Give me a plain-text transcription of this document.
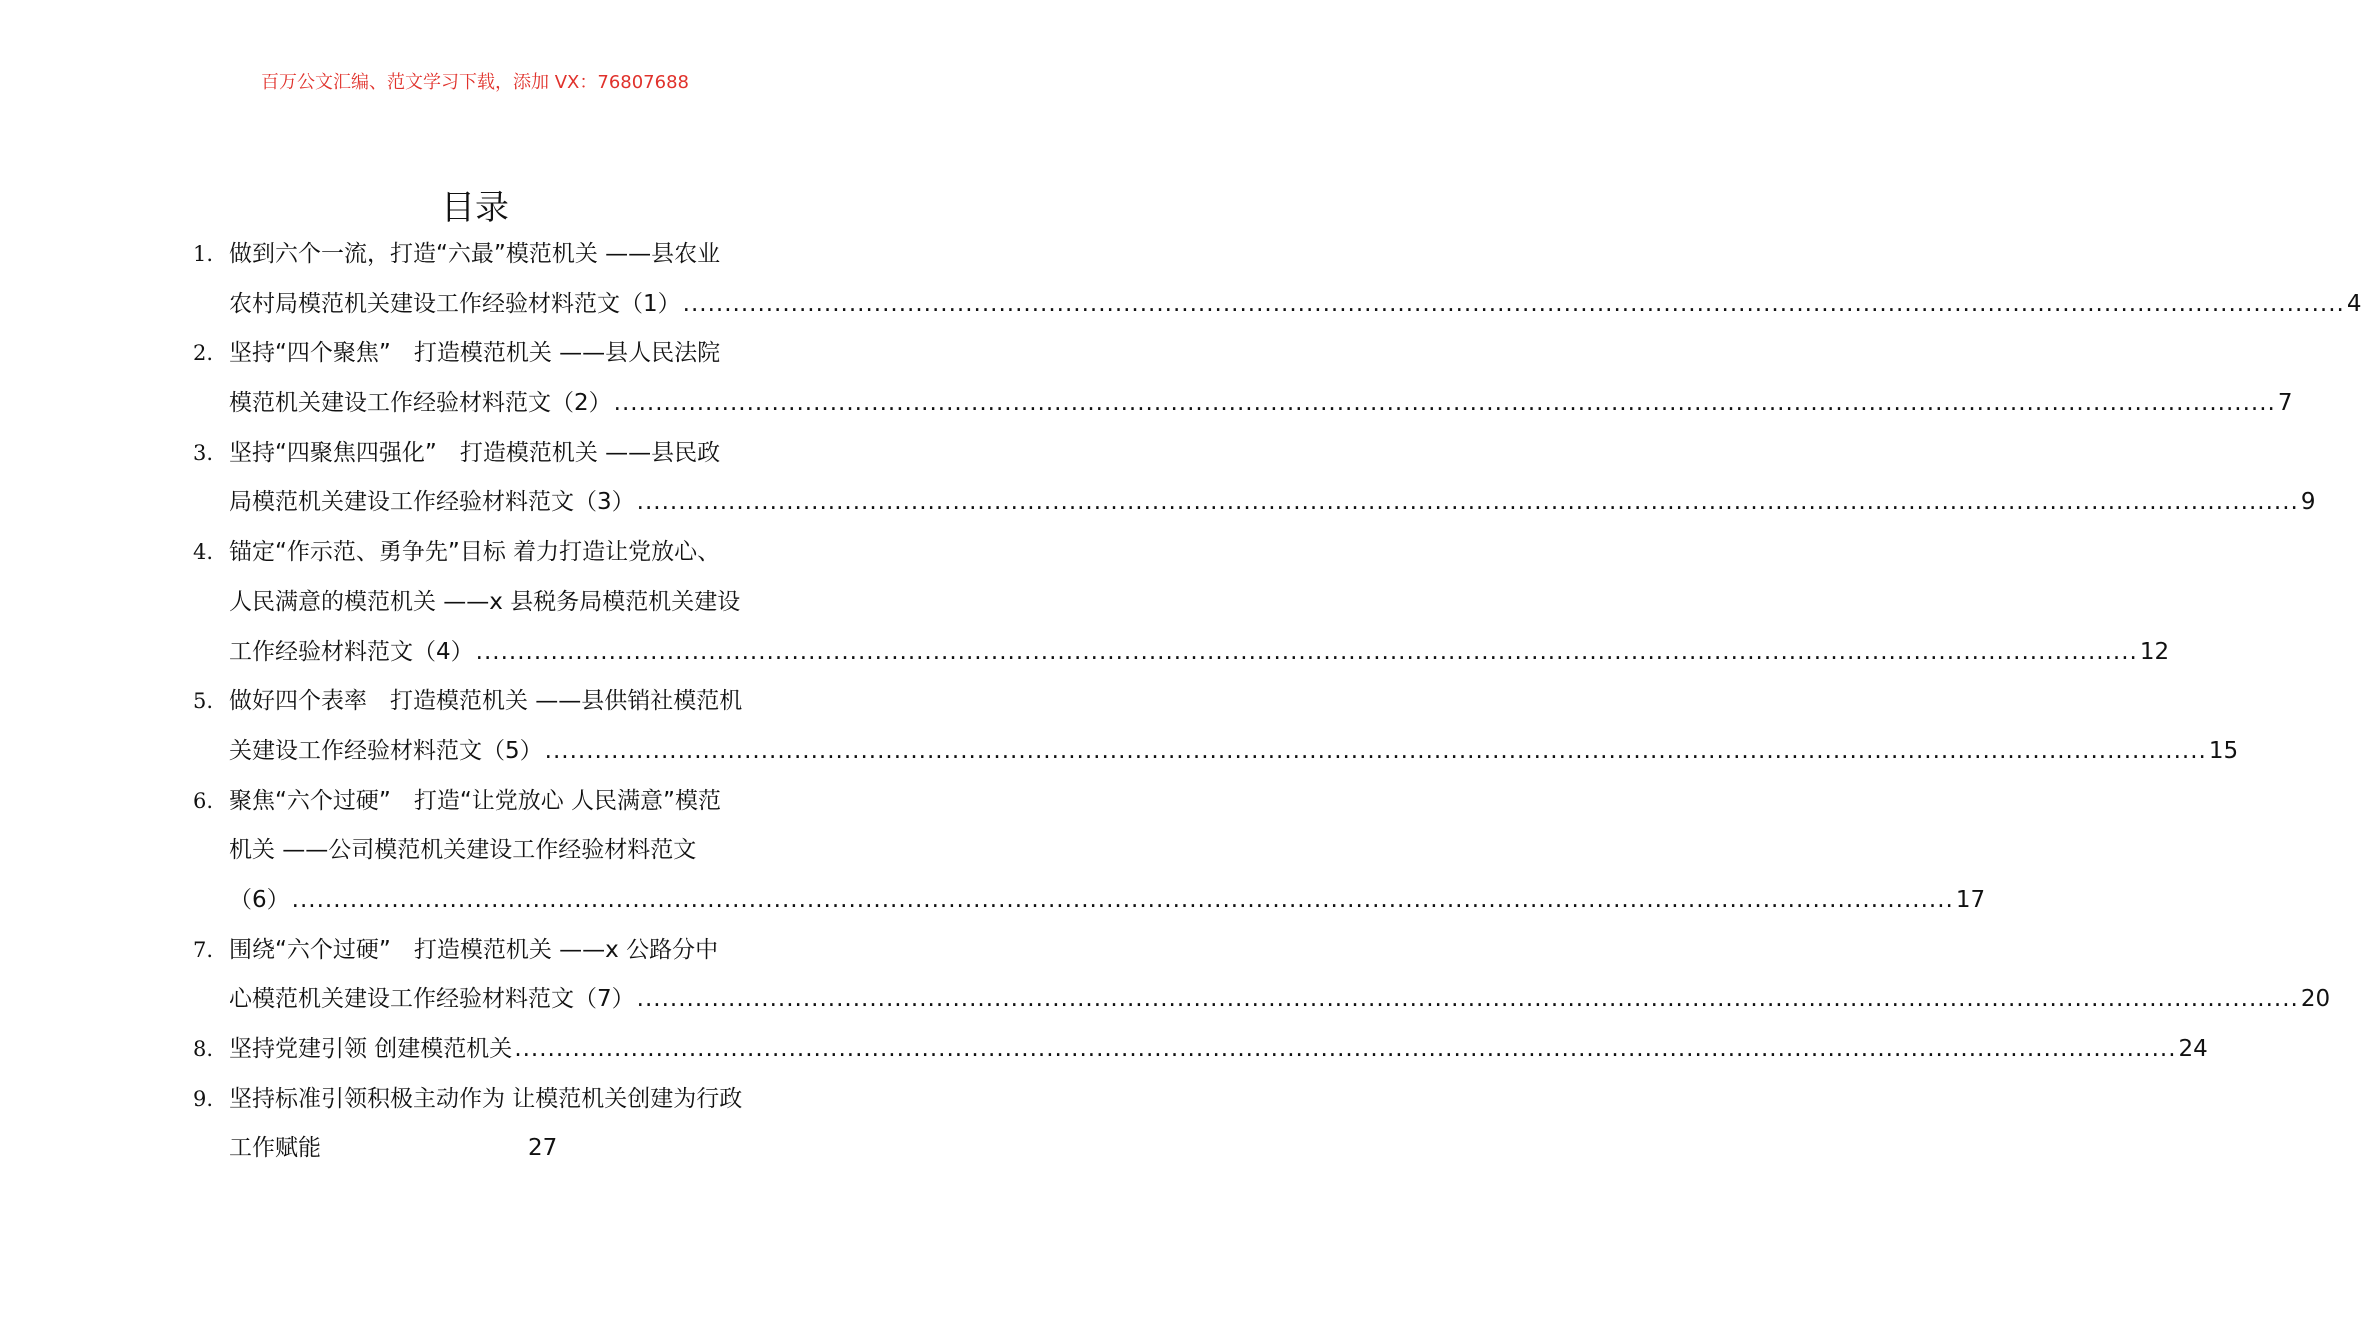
百万公文汇编、范文学习下载，添加 VX：76807688
目录
1. 做到六个一流，打造“六最”模范机关 ——县农业
农村局模范机关建设工作经验材料范文（1） ........................................................................................................................................................................................................ 4
2. 坚持“四个聚焦”　打造模范机关 ——县人民法院
模范机关建设工作经验材料范文（2） ........................................................................................................................................................................................................ 7
3. 坚持“四聚焦四强化”　打造模范机关 ——县民政
局模范机关建设工作经验材料范文（3） ........................................................................................................................................................................................................ 9
4. 锚定“作示范、勇争先”目标 着力打造让党放心、
人民满意的模范机关 ——x 县税务局模范机关建设
工作经验材料范文（4） ........................................................................................................................................................................................................ 12
5. 做好四个表率　打造模范机关 ——县供销社模范机
关建设工作经验材料范文（5） ........................................................................................................................................................................................................ 15
6. 聚焦“六个过硬”　打造“让党放心 人民满意”模范
机关 ——公司模范机关建设工作经验材料范文
（6） ........................................................................................................................................................................................................ 17
7. 围绕“六个过硬”　打造模范机关 ——x 公路分中
心模范机关建设工作经验材料范文（7） ........................................................................................................................................................................................................ 20
8. 坚持党建引领 创建模范机关 ........................................................................................................................................................................................................ 24
9. 坚持标准引领积极主动作为 让模范机关创建为行政
工作赋能	27
